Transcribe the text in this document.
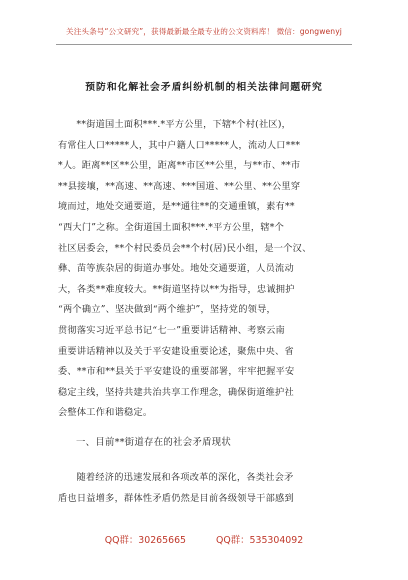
关注头条号“公文研究”，获得最新最全最专业的公文资料库！ 微信：gongwenyj
预防和化解社会矛盾纠纷机制的相关法律问题研究
**街道国土面积***.*平方公里，下辖*个村(社区)，
有常住人口*****人，其中户籍人口*****人，流动人口***
*人。距离**区**公里，距离**市区**公里，与**市、**市
**县接壤，**高速、**高速、***国道、**公里、**公里穿
境而过，地处交通要道，是**通往**的交通重镇，素有**
“西大门”之称。全街道国土面积***.*平方公里，辖*个
社区居委会，**个村民委员会**个村(居)民小组，是一个汉、
彝、苗等族杂居的街道办事处。地处交通要道，人员流动
大，各类**难度较大。**街道坚持以**为指导，忠诚拥护
“两个确立”、坚决做到“两个维护”，坚持党的领导，
贯彻落实习近平总书记“七一”重要讲话精神、考察云南
重要讲话精神以及关于平安建设重要论述，聚焦中央、省
委、**市和**县关于平安建设的重要部署，牢牢把握平安
稳定主线，坚持共建共治共享工作理念，确保街道维护社
会整体工作和谐稳定。
一、目前**街道存在的社会矛盾现状
随着经济的迅速发展和各项改革的深化，各类社会矛
盾也日益增多，群体性矛盾仍然是目前各级领导干部感到
QQ群：30265665	QQ群：535304092
